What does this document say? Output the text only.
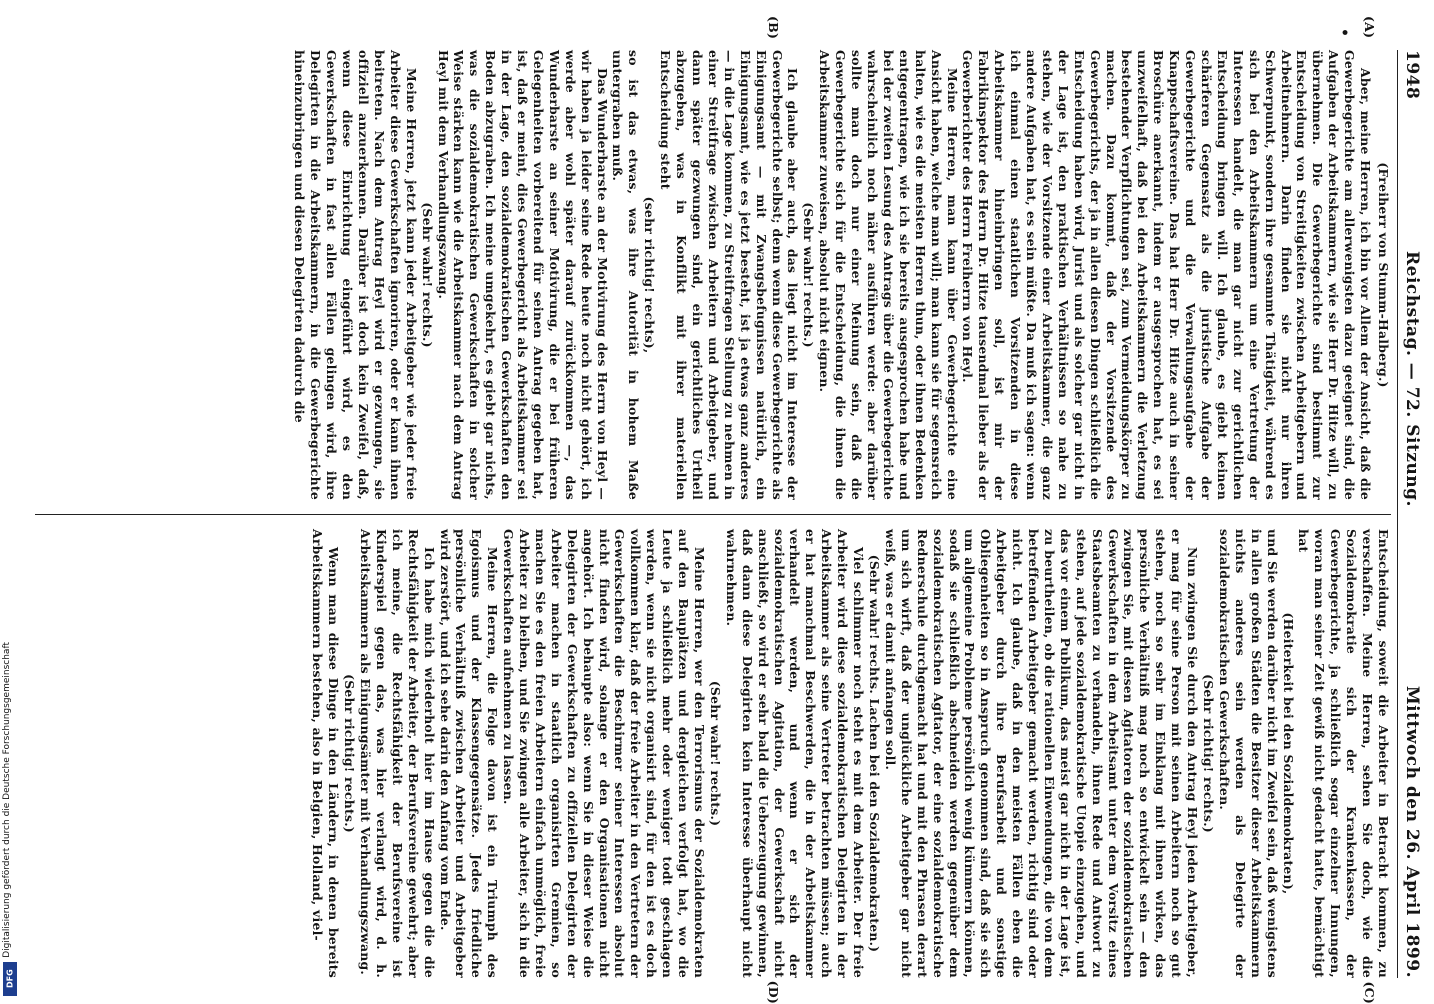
1948
Reichstag. — 72. Sitzung.
Mittwoch den 26. April 1899.
(A)
•
(B)
(Freiherr von Stumm-Halberg.)

Aber, meine Herren, ich bin vor Allem der Ansicht, daß die Gewerbegerichte am allerwenigsten dazu geeignet sind, die Aufgaben der Arbeitskammern, wie sie Herr Dr. Hitze will, zu übernehmen. Die Gewerbegerichte sind bestimmt zur Entscheidung von Streitigkeiten zwischen Arbeitgebern und Arbeitnehmern. Darin finden sie nicht nur ihren Schwerpunkt, sondern ihre gesammte Thätigkeit, während es sich bei den Arbeitskammern um eine Vertretung der Interessen handelt, die man gar nicht zur gerichtlichen Entscheidung bringen will. Ich glaube, es giebt keinen schärferen Gegensatz als die juristische Aufgabe der Gewerbegerichte und die Verwaltungsaufgabe der Knappschaftsvereine. Das hat Herr Dr. Hitze auch in seiner Broschüre anerkannt, indem er ausgesprochen hat, es sei unzweifelhaft, daß bei den Arbeitskammern die Verletzung bestehender Verpflichtungen sei, zum Vermeidungskörper zu machen. Dazu kommt, daß der Vorsitzende des Gewerbegerichts, der ja in allen diesen Dingen schließlich die Entscheidung haben wird, Jurist und als solcher gar nicht in der Lage ist, den praktischen Verhältnissen so nahe zu stehen, wie der Vorsitzende einer Arbeitskammer, die ganz andere Aufgaben hat, es sein müßte. Da muß ich sagen: wenn ich einmal einen staatlichen Vorsitzenden in diese Arbeitskammer hineinbringen soll, ist mir der Fabrikinspektor des Herrn Dr. Hitze tausendmal lieber als der Gewerberichter des Herrn Freiherrn von Heyl.

Meine Herren, man kann über Gewerbegerichte eine Ansicht haben, welche man will; man kann sie für segensreich halten, wie es die meisten Herren thun, oder ihnen Bedenken entgegentragen, wie ich sie bereits ausgesprochen habe und bei der zweiten Lesung des Antrags über die Gewerbegerichte wahrscheinlich noch näher ausführen werde: aber darüber sollte man doch nur einer Meinung sein, daß die Gewerbegerichte sich für die Entscheidung, die ihnen die Arbeitskammer zuweisen, absolut nicht eignen.

(Sehr wahr! rechts.)

Ich glaube aber auch, das liegt nicht im Interesse der Gewerbegerichte selbst; denn wenn diese Gewerbegerichte als Einigungsamt — mit Zwangsbefugnissen natürlich, ein Einigungsamt, wie es jetzt besteht, ist ja etwas ganz anderes — in die Lage kommen, zu Streitfragen Stellung zu nehmen in einer Streitfrage zwischen Arbeitern und Arbeitgeber, und dann später gezwungen sind, ein gerichtliches Urtheil abzugeben, was in Konflikt mit ihrer materiellen Entscheidung steht

(sehr richtig! rechts),

so ist das etwas, was ihre Autorität in hohem Maße untergraben muß.

Das Wunderbarste an der Motivirung des Herrn von Heyl — wir haben ja leider seine Rede heute noch nicht gehört, ich werde aber wohl später darauf zurückkommen —, das Wunderbarste an seiner Motivirung, die er bei früheren Gelegenheiten vorbereitend für seinen Antrag gegeben hat, ist, daß er meint, dies Gewerbegericht als Arbeitskammer sei in der Lage, den sozialdemokratischen Gewerkschaften den Boden abzugraben. Ich meine umgekehrt, es giebt gar nichts, was die sozialdemokratischen Gewerkschaften in solcher Weise stärken kann wie die Arbeitskammer nach dem Antrag Heyl mit dem Verhandlungszwang.

(Sehr wahr! rechts.)

Meine Herren, jetzt kann jeder Arbeitgeber wie jeder freie Arbeiter diese Gewerkschaften ignoriren, oder er kann ihnen beitreten. Nach dem Antrag Heyl wird er gezwungen, sie offiziell anzuerkennen. Darüber ist doch kein Zweifel, daß, wenn diese Einrichtung eingeführt wird, es den Gewerkschaften in fast allen Fällen gelingen wird, ihre Delegirten in die Arbeitskammern, in die Gewerbegerichte hineinzubringen und diesen Delegirten dadurch die

(C)
(D)

Entscheidung, soweit die Arbeiter in Betracht kommen, zu verschaffen. Meine Herren, sehen Sie doch, wie die Sozialdemokratie sich der Krankenkassen, der Gewerbegerichte, ja schließlich sogar einzelner Innungen, woran man seiner Zeit gewiß nicht gedacht hatte, bemächtigt hat

(Heiterkeit bei den Sozialdemokraten),

und Sie werden darüber nicht im Zweifel sein, daß wenigstens in allen großen Städten die Besitzer dieser Arbeitskammern nichts anderes sein werden als Delegirte der sozialdemokratischen Gewerkschaften.

(Sehr richtig! rechts.)

Nun zwingen Sie durch den Antrag Heyl jeden Arbeitgeber, er mag für seine Person mit seinen Arbeitern noch so gut stehen, noch so sehr im Einklang mit ihnen wirken, das persönliche Verhältniß mag noch so entwickelt sein — den zwingen Sie, mit diesen Agitatoren der sozialdemokratischen Gewerkschaften in dem Arbeitsamt unter dem Vorsitz eines Staatsbeamten zu verhandeln, ihnen Rede und Antwort zu stehen, auf jede sozialdemokratische Utopie einzugehen, und das vor einem Publikum, das meist gar nicht in der Lage ist, zu beurtheilen, ob die rationellen Einwendungen, die von dem betreffenden Arbeitgeber gemacht werden, richtig sind oder nicht. Ich glaube, daß in den meisten Fällen eben die Arbeitgeber durch ihre Berufsarbeit und sonstige Obliegenheiten so in Anspruch genommen sind, daß sie sich um allgemeine Probleme persönlich wenig kümmern können, sodaß sie schließlich abschneiden werden gegenüber dem sozialdemokratischen Agitator, der eine sozialdemokratische Rednerschule durchgemacht hat und mit den Phrasen derart um sich wirft, daß der unglückliche Arbeitgeber gar nicht weiß, was er damit anfangen soll.

(Sehr wahr! rechts. Lachen bei den Sozialdemokraten.)

Viel schlimmer noch steht es mit dem Arbeiter. Der freie Arbeiter wird diese sozialdemokratischen Delegirten in der Arbeitskammer als seine Vertreter betrachten müssen; auch er hat manchmal Beschwerden, die in der Arbeitskammer verhandelt werden, und wenn er sich der sozialdemokratischen Agitation, der Gewerkschaft nicht anschließt, so wird er sehr bald die Ueberzeugung gewinnen, daß dann diese Delegirten kein Interesse überhaupt nicht wahrnehmen.

(Sehr wahr! rechts.)

Meine Herren, wer den Terrorismus der Sozialdemokraten auf den Bauplätzen und dergleichen verfolgt hat, wo die Leute ja schließlich mehr oder weniger todt geschlagen werden, wenn sie nicht organisirt sind, für den ist es doch vollkommen klar, daß der freie Arbeiter in den Vertretern der Gewerkschaften die Beschirmer seiner Interessen absolut nicht finden wird, solange er den Organisationen nicht angehört. Ich behaupte also: wenn Sie in dieser Weise die Delegirten der Gewerkschaften zu offiziellen Delegirten der Arbeiter machen in staatlich organisirten Gremien, so machen Sie es den freien Arbeitern einfach unmöglich, freie Arbeiter zu bleiben, und Sie zwingen alle Arbeiter, sich in die Gewerkschaften aufnehmen zu lassen.

Meine Herren, die Folge davon ist ein Triumph des Egoismus und der Klassengegensätze. Jedes friedliche persönliche Verhältniß zwischen Arbeiter und Arbeitgeber wird zerstört, und ich sehe darin den Anfang vom Ende.

Ich habe mich wiederholt hier im Hause gegen die die Rechtsfähigkeit der Arbeiter, der Berufsvereine gewehrt; aber ich meine, die Rechtsfähigkeit der Berufsvereine ist Kinderspiel gegen das, was hier verlangt wird, d. h. Arbeitskammern als Einigungsämter mit Verhandlungszwang.

(Sehr richtig! rechts.)

Wenn man diese Dinge in den Ländern, in denen bereits Arbeitskammern bestehen, also in Belgien, Holland, viel-

DFG
Digitalisierung gefördert durch die Deutsche Forschungsgemeinschaft
